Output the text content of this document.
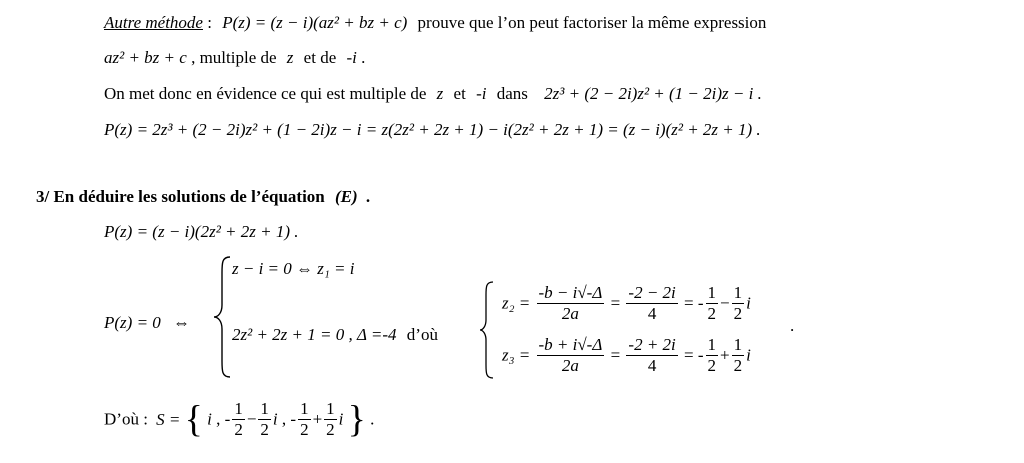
Autre méthode : P(z) = (z − i)(az² + bz + c) prouve que l’on peut factoriser la même expression
az² + bz + c , multiple de z et de -i .
On met donc en évidence ce qui est multiple de z et -i dans 2z³ + (2 − 2i)z² + (1 − 2i)z − i .
P(z) = 2z³ + (2 − 2i)z² + (1 − 2i)z − i = z(2z² + 2z + 1) − i(2z² + 2z + 1) = (z − i)(z² + 2z + 1) .
3/ En déduire les solutions de l’équation (E) .
P(z) = (z − i)(2z² + 2z + 1) .
P(z) = 0 ⇔
z − i = 0 ⇔ z₁ = i
2z² + 2z + 1 = 0 , Δ =-4 d’où
$z_2 = \frac{-b - i√-\Delta}{2a} = \frac{-2 - 2i}{4}$ = - $\frac{1}{2} - \frac{1}{2}$ i
.
$z_3 = \frac{-b + i√-\Delta}{2a} = \frac{-2 + 2i}{4}$ = - $\frac{1}{2} + \frac{1}{2}$ i
D’où : S = { i , - $\frac{1}{2} - \frac{1}{2}$ i , - $\frac{1}{2} + \frac{1}{2}$ i } .
